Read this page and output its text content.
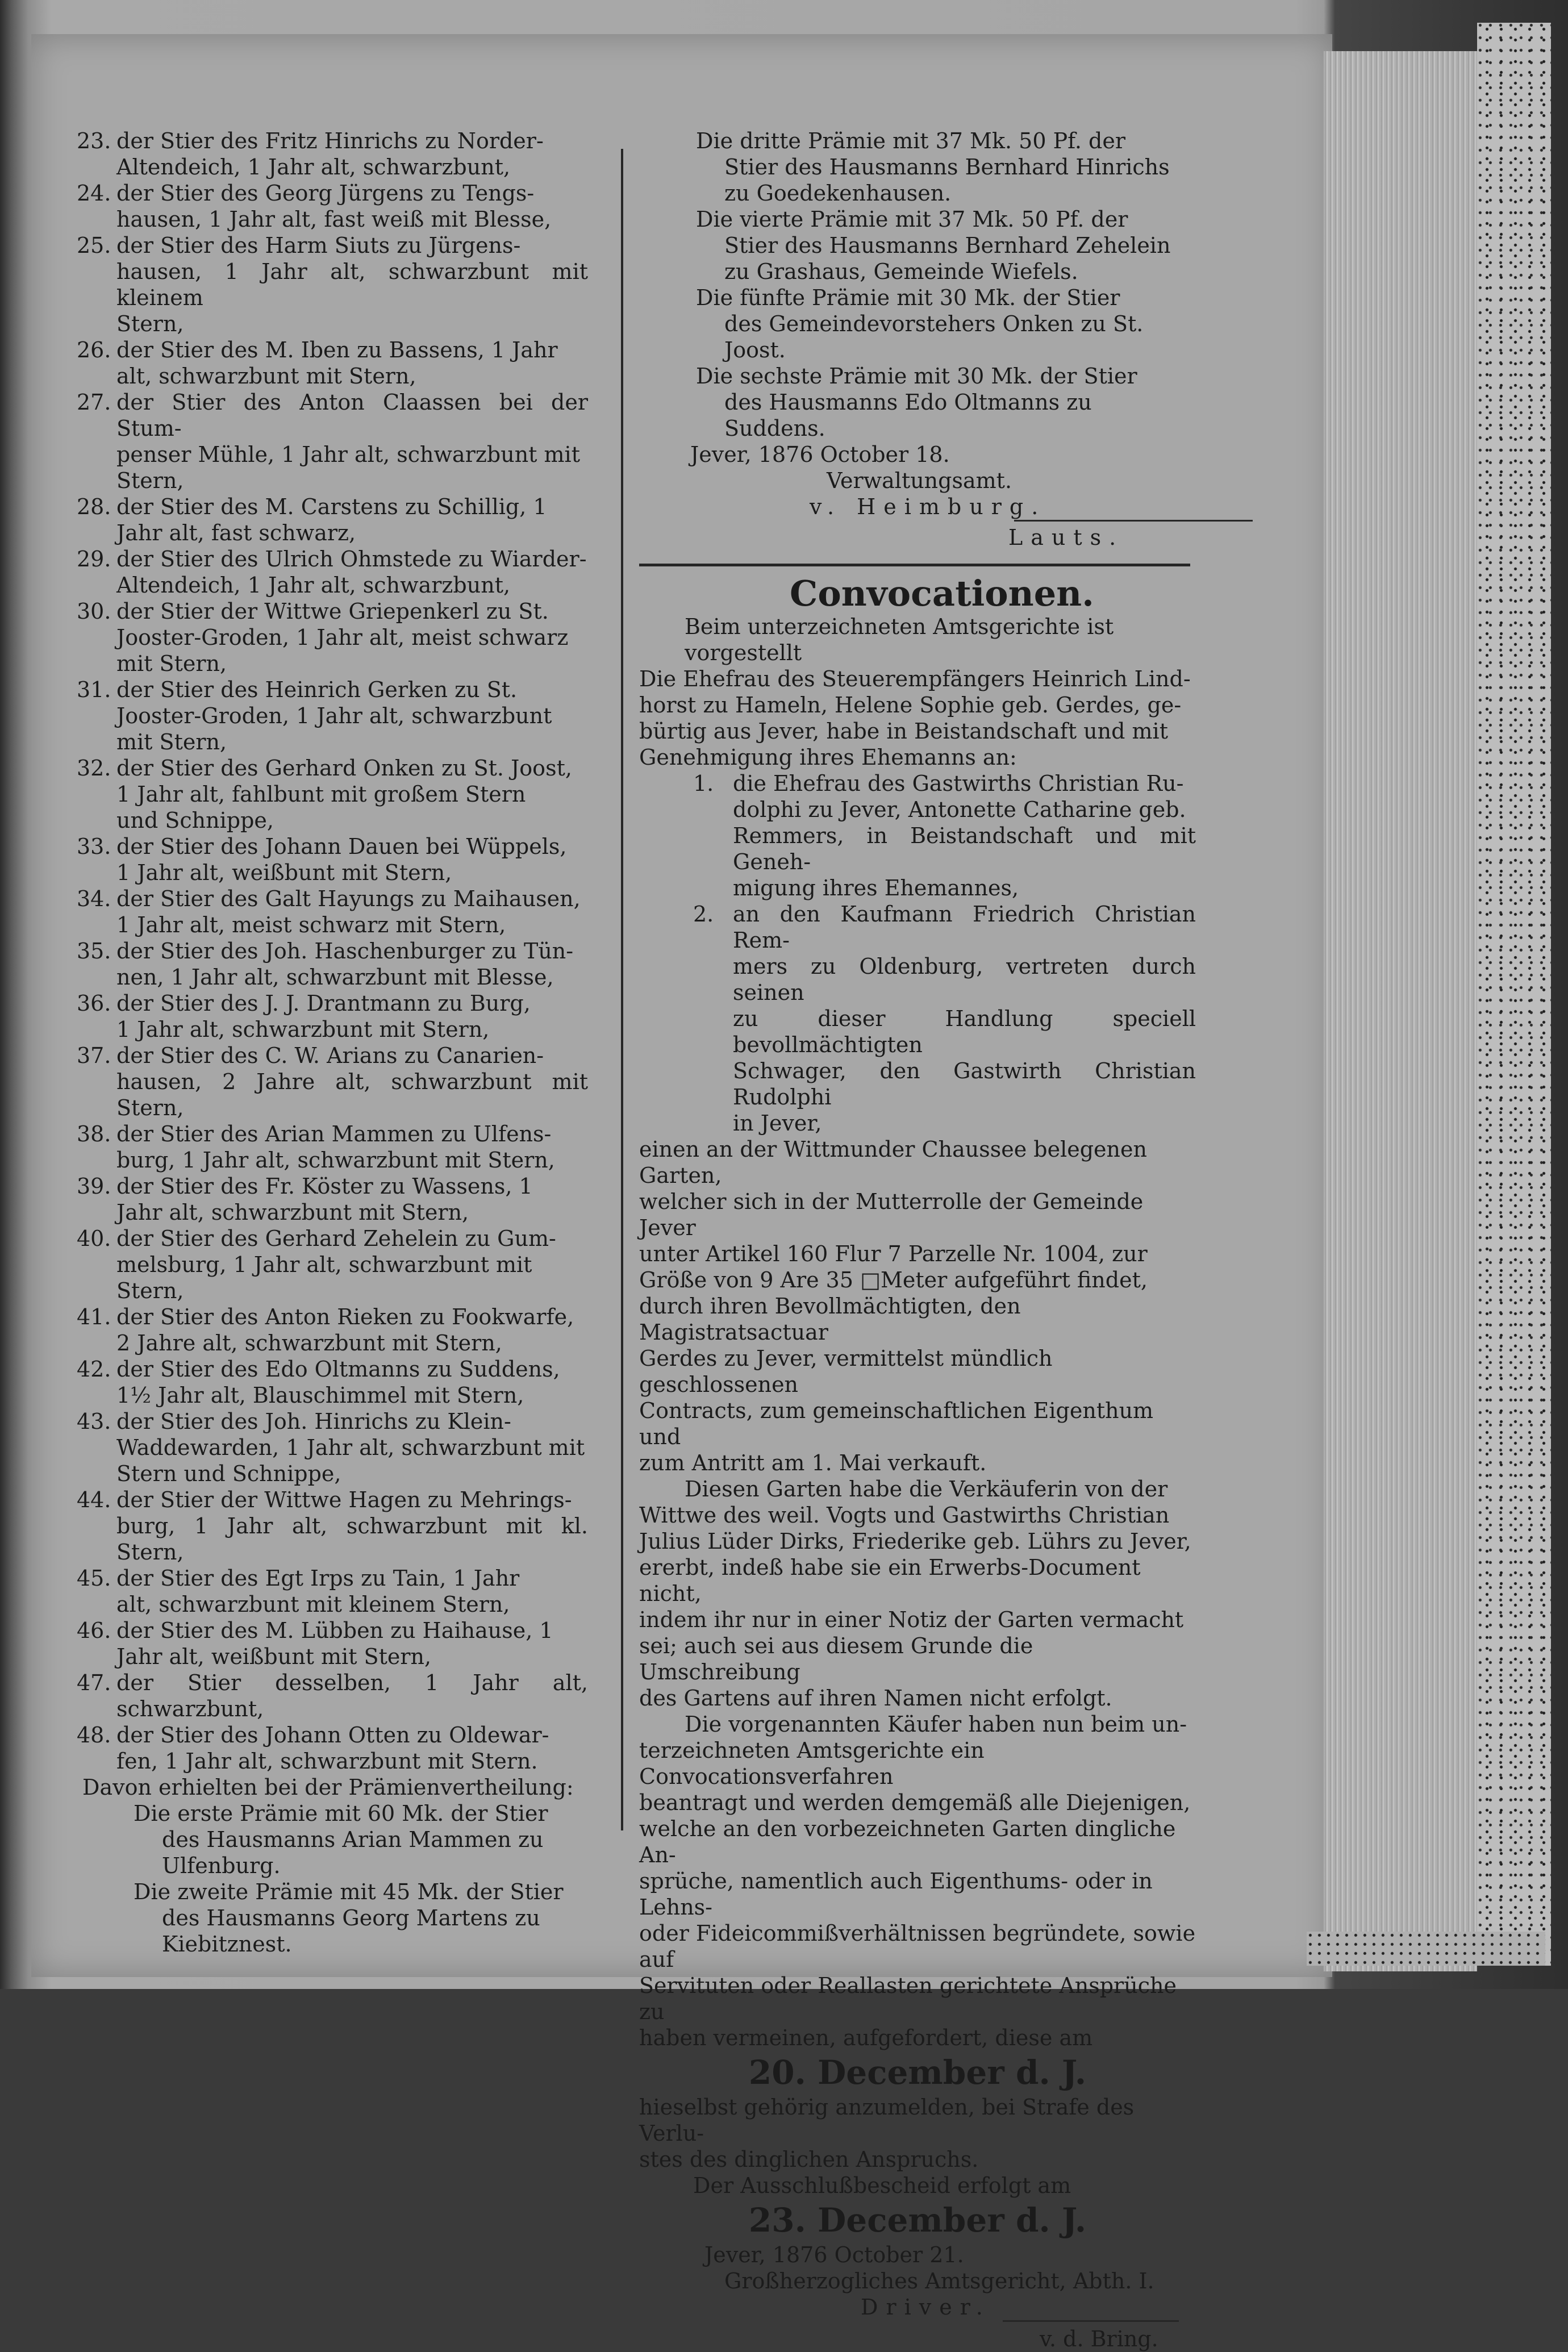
23. der Stier des Fritz Hinrichs zu Norder-
Altendeich, 1 Jahr alt, schwarzbunt,
24. der Stier des Georg Jürgens zu Tengs-
hausen, 1 Jahr alt, fast weiß mit Blesse,
25. der Stier des Harm Siuts zu Jürgens-
hausen, 1 Jahr alt, schwarzbunt mit kleinem
Stern,
26. der Stier des M. Iben zu Bassens, 1 Jahr
alt, schwarzbunt mit Stern,
27. der Stier des Anton Claassen bei der Stum-
penser Mühle, 1 Jahr alt, schwarzbunt mit
Stern,
28. der Stier des M. Carstens zu Schillig, 1
Jahr alt, fast schwarz,
29. der Stier des Ulrich Ohmstede zu Wiarder-
Altendeich, 1 Jahr alt, schwarzbunt,
30. der Stier der Wittwe Griepenkerl zu St.
Jooster-Groden, 1 Jahr alt, meist schwarz
mit Stern,
31. der Stier des Heinrich Gerken zu St.
Jooster-Groden, 1 Jahr alt, schwarzbunt
mit Stern,
32. der Stier des Gerhard Onken zu St. Joost,
1 Jahr alt, fahlbunt mit großem Stern
und Schnippe,
33. der Stier des Johann Dauen bei Wüppels,
1 Jahr alt, weißbunt mit Stern,
34. der Stier des Galt Hayungs zu Maihausen,
1 Jahr alt, meist schwarz mit Stern,
35. der Stier des Joh. Haschenburger zu Tün-
nen, 1 Jahr alt, schwarzbunt mit Blesse,
36. der Stier des J. J. Drantmann zu Burg,
1 Jahr alt, schwarzbunt mit Stern,
37. der Stier des C. W. Arians zu Canarien-
hausen, 2 Jahre alt, schwarzbunt mit Stern,
38. der Stier des Arian Mammen zu Ulfens-
burg, 1 Jahr alt, schwarzbunt mit Stern,
39. der Stier des Fr. Köster zu Wassens, 1
Jahr alt, schwarzbunt mit Stern,
40. der Stier des Gerhard Zehelein zu Gum-
melsburg, 1 Jahr alt, schwarzbunt mit
Stern,
41. der Stier des Anton Rieken zu Fookwarfe,
2 Jahre alt, schwarzbunt mit Stern,
42. der Stier des Edo Oltmanns zu Suddens,
1½ Jahr alt, Blauschimmel mit Stern,
43. der Stier des Joh. Hinrichs zu Klein-
Waddewarden, 1 Jahr alt, schwarzbunt mit
Stern und Schnippe,
44. der Stier der Wittwe Hagen zu Mehrings-
burg, 1 Jahr alt, schwarzbunt mit kl. Stern,
45. der Stier des Egt Irps zu Tain, 1 Jahr
alt, schwarzbunt mit kleinem Stern,
46. der Stier des M. Lübben zu Haihause, 1
Jahr alt, weißbunt mit Stern,
47. der Stier desselben, 1 Jahr alt, schwarzbunt,
48. der Stier des Johann Otten zu Oldewar-
fen, 1 Jahr alt, schwarzbunt mit Stern.
Davon erhielten bei der Prämienvertheilung:
Die erste Prämie mit 60 Mk. der Stier
des Hausmanns Arian Mammen zu
Ulfenburg.
Die zweite Prämie mit 45 Mk. der Stier
des Hausmanns Georg Martens zu
Kiebitznest.
Die dritte Prämie mit 37 Mk. 50 Pf. der
Stier des Hausmanns Bernhard Hinrichs
zu Goedekenhausen.
Die vierte Prämie mit 37 Mk. 50 Pf. der
Stier des Hausmanns Bernhard Zehelein
zu Grashaus, Gemeinde Wiefels.
Die fünfte Prämie mit 30 Mk. der Stier
des Gemeindevorstehers Onken zu St.
Joost.
Die sechste Prämie mit 30 Mk. der Stier
des Hausmanns Edo Oltmanns zu
Suddens.
Jever, 1876 October 18.
Verwaltungsamt.
v. Heimburg.
Lauts.
Convocationen.
Beim unterzeichneten Amtsgerichte ist vorgestellt
Die Ehefrau des Steuerempfängers Heinrich Lind-
horst zu Hameln, Helene Sophie geb. Gerdes, ge-
bürtig aus Jever, habe in Beistandschaft und mit
Genehmigung ihres Ehemanns an:
1. die Ehefrau des Gastwirths Christian Ru-
dolphi zu Jever, Antonette Catharine geb.
Remmers, in Beistandschaft und mit Geneh-
migung ihres Ehemannes,
2. an den Kaufmann Friedrich Christian Rem-
mers zu Oldenburg, vertreten durch seinen
zu dieser Handlung speciell bevollmächtigten
Schwager, den Gastwirth Christian Rudolphi
in Jever,
einen an der Wittmunder Chaussee belegenen Garten,
welcher sich in der Mutterrolle der Gemeinde Jever
unter Artikel 160 Flur 7 Parzelle Nr. 1004, zur
Größe von 9 Are 35 □Meter aufgeführt findet,
durch ihren Bevollmächtigten, den Magistratsactuar
Gerdes zu Jever, vermittelst mündlich geschlossenen
Contracts, zum gemeinschaftlichen Eigenthum und
zum Antritt am 1. Mai verkauft.
Diesen Garten habe die Verkäuferin von der
Wittwe des weil. Vogts und Gastwirths Christian
Julius Lüder Dirks, Friederike geb. Lührs zu Jever,
ererbt, indeß habe sie ein Erwerbs-Document nicht,
indem ihr nur in einer Notiz der Garten vermacht
sei; auch sei aus diesem Grunde die Umschreibung
des Gartens auf ihren Namen nicht erfolgt.
Die vorgenannten Käufer haben nun beim un-
terzeichneten Amtsgerichte ein Convocationsverfahren
beantragt und werden demgemäß alle Diejenigen,
welche an den vorbezeichneten Garten dingliche An-
sprüche, namentlich auch Eigenthums- oder in Lehns-
oder Fideicommißverhältnissen begründete, sowie auf
Servituten oder Reallasten gerichtete Ansprüche zu
haben vermeinen, aufgefordert, diese am
20. December d. J.
hieselbst gehörig anzumelden, bei Strafe des Verlu-
stes des dinglichen Anspruchs.
Der Ausschlußbescheid erfolgt am
23. December d. J.
Jever, 1876 October 21.
Großherzogliches Amtsgericht, Abth. I.
Driver.
v. d. Bring.
